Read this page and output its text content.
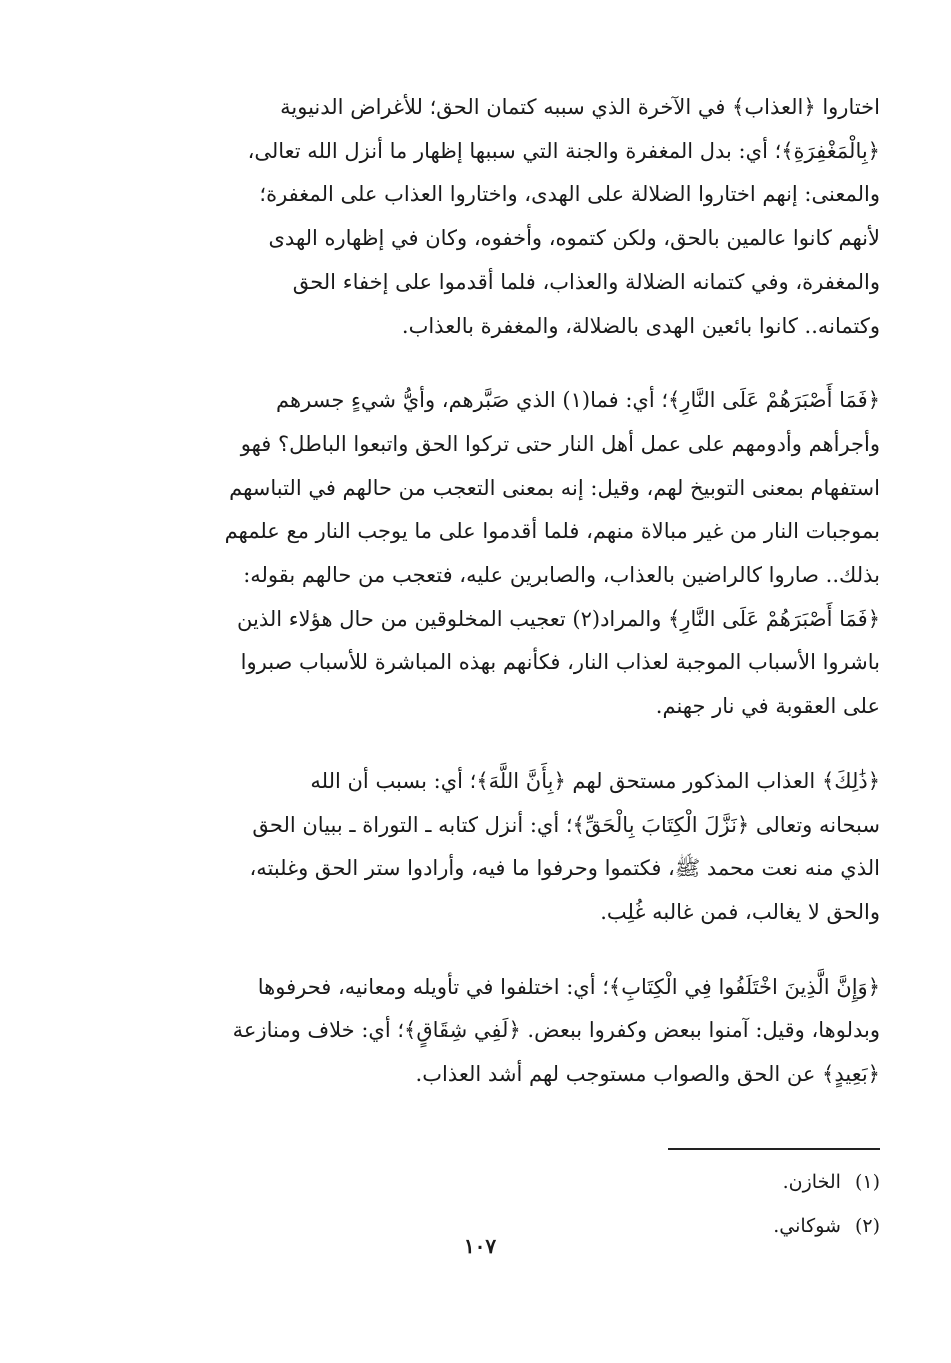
اختاروا ﴿العذاب﴾ في الآخرة الذي سببه كتمان الحق؛ للأغراض الدنيوية
﴿بِالْمَغْفِرَةِ﴾؛ أي: بدل المغفرة والجنة التي سببها إظهار ما أنزل الله تعالى،
والمعنى: إنهم اختاروا الضلالة على الهدى، واختاروا العذاب على المغفرة؛
لأنهم كانوا عالمين بالحق، ولكن كتموه، وأخفوه، وكان في إظهاره الهدى
والمغفرة، وفي كتمانه الضلالة والعذاب، فلما أقدموا على إخفاء الحق
وكتمانه.. كانوا بائعين الهدى بالضلالة، والمغفرة بالعذاب.

﴿فَمَا أَصْبَرَهُمْ عَلَى النَّارِ﴾؛ أي: فما(١) الذي صَبَّرهم، وأيُّ شيءٍ جسرهم
وأجرأهم وأدومهم على عمل أهل النار حتى تركوا الحق واتبعوا الباطل؟ فهو
استفهام بمعنى التوبيخ لهم، وقيل: إنه بمعنى التعجب من حالهم في التباسهم
بموجبات النار من غير مبالاة منهم، فلما أقدموا على ما يوجب النار مع علمهم
بذلك.. صاروا كالراضين بالعذاب، والصابرين عليه، فتعجب من حالهم بقوله:
﴿فَمَا أَصْبَرَهُمْ عَلَى النَّارِ﴾ والمراد(٢) تعجيب المخلوقين من حال هؤلاء الذين
باشروا الأسباب الموجبة لعذاب النار، فكأنهم بهذه المباشرة للأسباب صبروا
على العقوبة في نار جهنم.

﴿ذَٰلِكَ﴾ العذاب المذكور مستحق لهم ﴿بِأَنَّ اللَّهَ﴾؛ أي: بسبب أن الله
سبحانه وتعالى ﴿نَزَّلَ الْكِتَابَ بِالْحَقِّ﴾؛ أي: أنزل كتابه ـ التوراة ـ ببيان الحق
الذي منه نعت محمد ﷺ، فكتموا وحرفوا ما فيه، وأرادوا ستر الحق وغلبته،
والحق لا يغالب، فمن غالبه غُلِب.

﴿وَإِنَّ الَّذِينَ اخْتَلَفُوا فِي الْكِتَابِ﴾؛ أي: اختلفوا في تأويله ومعانيه، فحرفوها
وبدلوها، وقيل: آمنوا ببعض وكفروا ببعض. ﴿لَفِي شِقَاقٍ﴾؛ أي: خلاف ومنازعة
﴿بَعِيدٍ﴾ عن الحق والصواب مستوجب لهم أشد العذاب.

(١)الخازن.
(٢)شوكاني.
١٠٧
